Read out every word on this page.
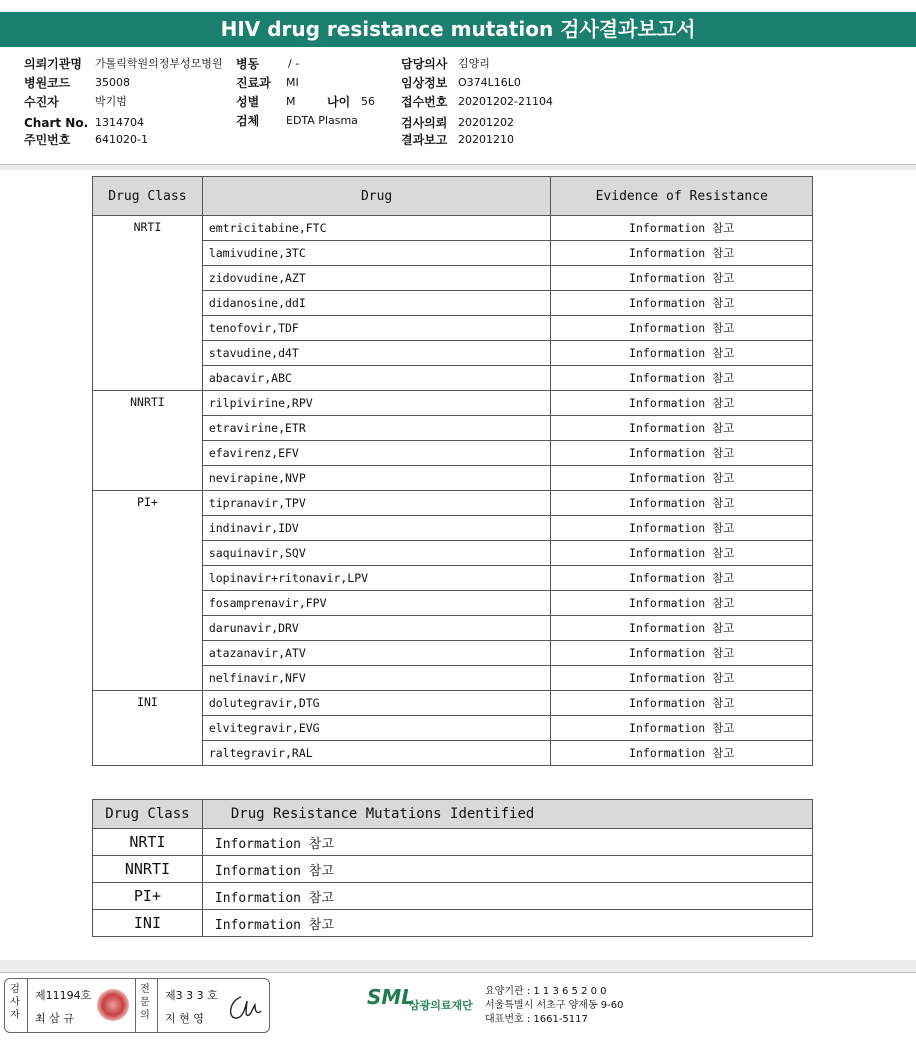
HIV drug resistance mutation 검사결과보고서
의뢰기관명 가톨릭학원의정부성모병원 병동	/ -	담당의사 김양리
병원코드 35008	진료과 MI	임상정보 O374L16L0
수진자	박기범	성별 M	나이 56 접수번호 20201202-21104
Chart No. 1314704	검체 EDTA Plasma	검사의뢰 20201202
주민번호 641020-1	결과보고 20201210
Drug Class	Drug	Evidence of Resistance
NRTI	emtricitabine,FTC	Information 참고
	lamivudine,3TC	Information 참고
	zidovudine,AZT	Information 참고
	didanosine,ddI	Information 참고
	tenofovir,TDF	Information 참고
	stavudine,d4T	Information 참고
	abacavir,ABC	Information 참고
NNRTI	rilpivirine,RPV	Information 참고
	etravirine,ETR	Information 참고
	efavirenz,EFV	Information 참고
	nevirapine,NVP	Information 참고
PI+	tipranavir,TPV	Information 참고
	indinavir,IDV	Information 참고
	saquinavir,SQV	Information 참고
	lopinavir+ritonavir,LPV	Information 참고
	fosamprenavir,FPV	Information 참고
	darunavir,DRV	Information 참고
	atazanavir,ATV	Information 참고
	nelfinavir,NFV	Information 참고
INI	dolutegravir,DTG	Information 참고
	elvitegravir,EVG	Information 참고
	raltegravir,RAL	Information 참고
Drug Class	Drug Resistance Mutations Identified
NRTI	Information 참고
NNRTI	Information 참고
PI+	Information 참고
INI	Information 참고
검사자
제11194호
최 삼 규
전문의
제3 3 3 호
지 현 영
SML
삼광의료재단
요양기관 : 1 1 3 6 5 2 0 0
서울특별시 서초구 양재동 9-60
대표번호 : 1661-5117
